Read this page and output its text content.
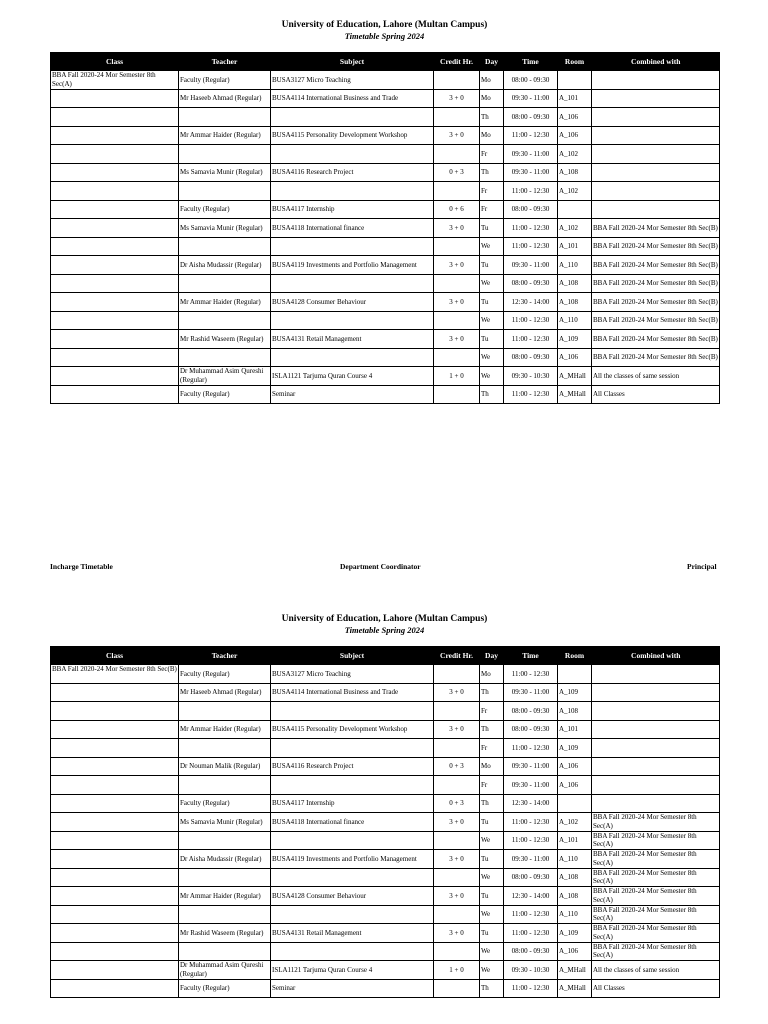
University of Education, Lahore (Multan Campus)
Timetable Spring 2024
Class	Teacher	Subject	Credit Hr.	Day	Time	Room	Combined with
BBA Fall 2020-24 Mor Semester 8th Sec(A)	Faculty (Regular)	BUSA3127 Micro Teaching		Mo	08:00 - 09:30		
	Mr Haseeb Ahmad (Regular)	BUSA4114 International Business and Trade	3 + 0	Mo	09:30 - 11:00	A_101	
				Th	08:00 - 09:30	A_106	
	Mr Ammar Haider (Regular)	BUSA4115 Personality Development Workshop	3 + 0	Mo	11:00 - 12:30	A_106	
				Fr	09:30 - 11:00	A_102	
	Ms Samavia Munir (Regular)	BUSA4116 Research Project	0 + 3	Th	09:30 - 11:00	A_108	
				Fr	11:00 - 12:30	A_102	
	Faculty (Regular)	BUSA4117 Internship	0 + 6	Fr	08:00 - 09:30		
	Ms Samavia Munir (Regular)	BUSA4118 International finance	3 + 0	Tu	11:00 - 12:30	A_102	BBA Fall 2020-24 Mor Semester 8th Sec(B)
				We	11:00 - 12:30	A_101	BBA Fall 2020-24 Mor Semester 8th Sec(B)
	Dr Aisha Mudassir (Regular)	BUSA4119 Investments and Portfolio Management	3 + 0	Tu	09:30 - 11:00	A_110	BBA Fall 2020-24 Mor Semester 8th Sec(B)
				We	08:00 - 09:30	A_108	BBA Fall 2020-24 Mor Semester 8th Sec(B)
	Mr Ammar Haider (Regular)	BUSA4128 Consumer Behaviour	3 + 0	Tu	12:30 - 14:00	A_108	BBA Fall 2020-24 Mor Semester 8th Sec(B)
				We	11:00 - 12:30	A_110	BBA Fall 2020-24 Mor Semester 8th Sec(B)
	Mr Rashid Waseem (Regular)	BUSA4131 Retail Management	3 + 0	Tu	11:00 - 12:30	A_109	BBA Fall 2020-24 Mor Semester 8th Sec(B)
				We	08:00 - 09:30	A_106	BBA Fall 2020-24 Mor Semester 8th Sec(B)
	Dr Muhammad Asim Qureshi (Regular)	ISLA1121 Tarjuma Quran Course 4	1 + 0	We	09:30 - 10:30	A_MHall	All the classes of same session
	Faculty (Regular)	Seminar		Th	11:00 - 12:30	A_MHall	All Classes
Incharge Timetable	Department Coordinator	Principal
University of Education, Lahore (Multan Campus)
Timetable Spring 2024
Class	Teacher	Subject	Credit Hr.	Day	Time	Room	Combined with
BBA Fall 2020-24 Mor Semester 8th Sec(B)	Faculty (Regular)	BUSA3127 Micro Teaching		Mo	11:00 - 12:30		
	Mr Haseeb Ahmad (Regular)	BUSA4114 International Business and Trade	3 + 0	Th	09:30 - 11:00	A_109	
				Fr	08:00 - 09:30	A_108	
	Mr Ammar Haider (Regular)	BUSA4115 Personality Development Workshop	3 + 0	Th	08:00 - 09:30	A_101	
				Fr	11:00 - 12:30	A_109	
	Dr Nouman Malik (Regular)	BUSA4116 Research Project	0 + 3	Mo	09:30 - 11:00	A_106	
				Fr	09:30 - 11:00	A_106	
	Faculty (Regular)	BUSA4117 Internship	0 + 3	Th	12:30 - 14:00		
	Ms Samavia Munir (Regular)	BUSA4118 International finance	3 + 0	Tu	11:00 - 12:30	A_102	BBA Fall 2020-24 Mor Semester 8th Sec(A)
				We	11:00 - 12:30	A_101	BBA Fall 2020-24 Mor Semester 8th Sec(A)
	Dr Aisha Mudassir (Regular)	BUSA4119 Investments and Portfolio Management	3 + 0	Tu	09:30 - 11:00	A_110	BBA Fall 2020-24 Mor Semester 8th Sec(A)
				We	08:00 - 09:30	A_108	BBA Fall 2020-24 Mor Semester 8th Sec(A)
	Mr Ammar Haider (Regular)	BUSA4128 Consumer Behaviour	3 + 0	Tu	12:30 - 14:00	A_108	BBA Fall 2020-24 Mor Semester 8th Sec(A)
				We	11:00 - 12:30	A_110	BBA Fall 2020-24 Mor Semester 8th Sec(A)
	Mr Rashid Waseem (Regular)	BUSA4131 Retail Management	3 + 0	Tu	11:00 - 12:30	A_109	BBA Fall 2020-24 Mor Semester 8th Sec(A)
				We	08:00 - 09:30	A_106	BBA Fall 2020-24 Mor Semester 8th Sec(A)
	Dr Muhammad Asim Qureshi (Regular)	ISLA1121 Tarjuma Quran Course 4	1 + 0	We	09:30 - 10:30	A_MHall	All the classes of same session
	Faculty (Regular)	Seminar		Th	11:00 - 12:30	A_MHall	All Classes
